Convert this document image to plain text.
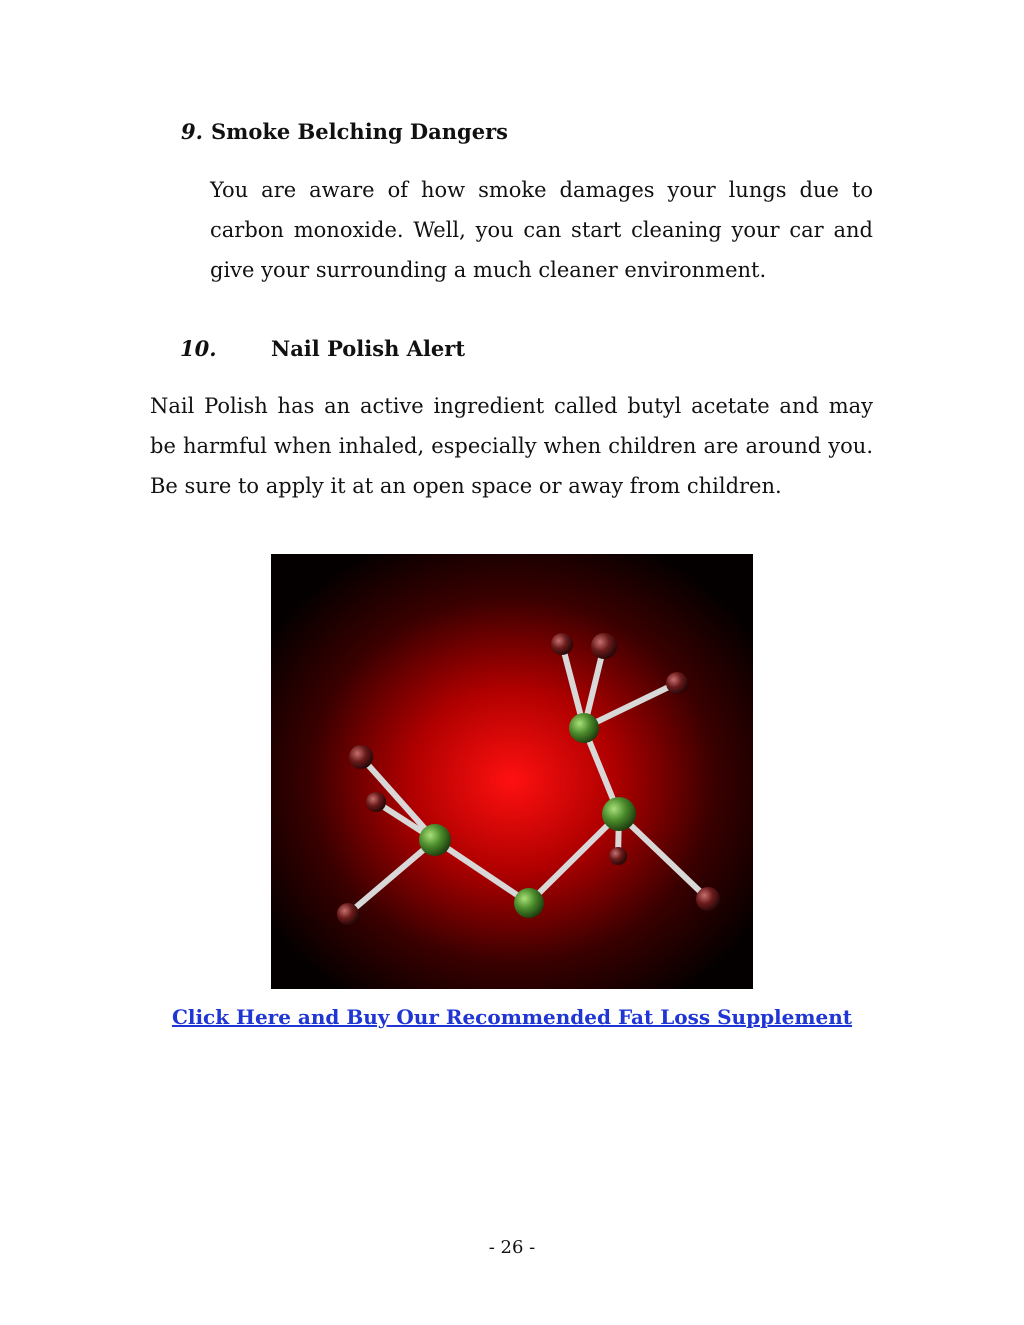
9. Smoke Belching Dangers

You are aware of how smoke damages your lungs due to carbon monoxide. Well, you can start cleaning your car and give your surrounding a much cleaner environment.

10.	Nail Polish Alert

Nail Polish has an active ingredient called butyl acetate and may be harmful when inhaled, especially when children are around you. Be sure to apply it at an open space or away from children.

Click Here and Buy Our Recommended Fat Loss Supplement
- 26 -
